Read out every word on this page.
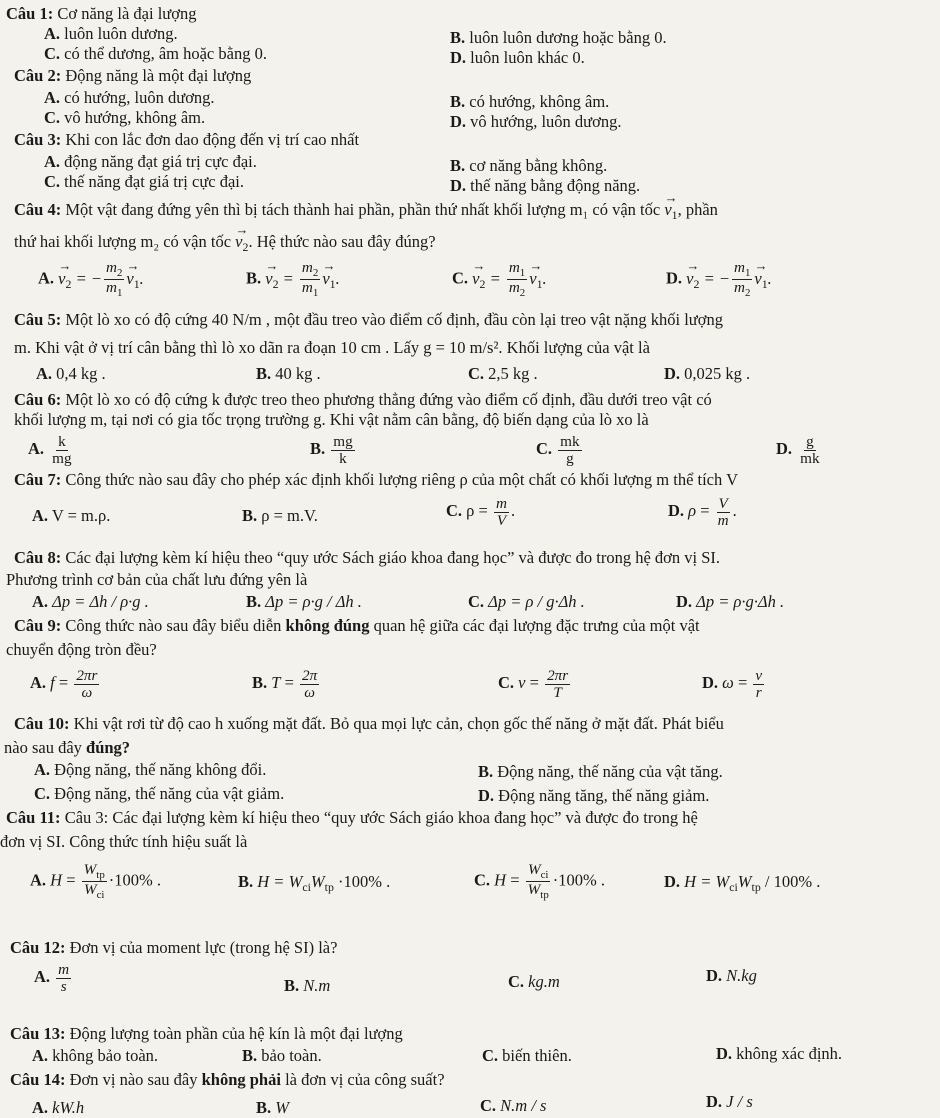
Câu 1: Cơ năng là đại lượng
A. luôn luôn dương.	B. luôn luôn dương hoặc bằng 0.
C. có thể dương, âm hoặc bằng 0.	D. luôn luôn khác 0.
Câu 2: Động năng là một đại lượng
A. có hướng, luôn dương.	B. có hướng, không âm.
C. vô hướng, không âm.	D. vô hướng, luôn dương.
Câu 3: Khi con lắc đơn dao động đến vị trí cao nhất
A. động năng đạt giá trị cực đại.	B. cơ năng bằng không.
C. thế năng đạt giá trị cực đại.	D. thế năng bằng động năng.
Câu 4: Một vật đang đứng yên thì bị tách thành hai phần, phần thứ nhất khối lượng m₁ có vận tốc → $v_1$, phần
thứ hai khối lượng m₂ có vận tốc → $v_2$. Hệ thức nào sau đây đúng?
A. → $v_2$ = − $\frac{m_2}{m_1}$
→ $v_1$.	B. → $v_2 = \frac{m_2}{m_1}$
→ $v_1$.	C. → $v_2 = \frac{m_1}{m_2}$
→ $v_1$.	D. → $v_2$ = − $\frac{m_1}{m_2}$
→ $v_1$.
Câu 5: Một lò xo có độ cứng 40 N/m , một đầu treo vào điểm cố định, đầu còn lại treo vật nặng khối lượng
m. Khi vật ở vị trí cân bằng thì lò xo dãn ra đoạn 10 cm . Lấy g = 10 m/s². Khối lượng của vật là
A. 0,4 kg .	B. 40 kg .	C. 2,5 kg .	D. 0,025 kg .
Câu 6: Một lò xo có độ cứng k được treo theo phương thẳng đứng vào điểm cố định, đầu dưới treo vật có
khối lượng m, tại nơi có gia tốc trọng trường g. Khi vật nằm cân bằng, độ biến dạng của lò xo là
A. $\frac{k}{mg}$	B. $\frac{mg}{k}$	C. $\frac{mk}{g}$	D. $\frac{g}{mk}$
Câu 7: Công thức nào sau đây cho phép xác định khối lượng riêng ρ của một chất có khối lượng m thể tích V
A. V = m.ρ.	B. ρ = m.V.	C. $\rho = \frac{m}{V}$ .	D. $\rho = \frac{V}{m}$ .
Câu 8: Các đại lượng kèm kí hiệu theo “quy ước Sách giáo khoa đang học” và được đo trong hệ đơn vị SI.
Phương trình cơ bản của chất lưu đứng yên là
A. Δp = Δh / ρ·g .	B. Δp = ρ·g / Δh .	C. Δp = ρ / g·Δh .	D. Δp = ρ·g·Δh .
Câu 9: Công thức nào sau đây biểu diễn không đúng quan hệ giữa các đại lượng đặc trưng của một vật
chuyển động tròn đều?
A. $f = \frac{2\pi r}{\omega}$	B. $T = \frac{2\pi}{\omega}$	C. $v = \frac{2\pi r}{T}$	D. $\omega = \frac{v}{r}$
Câu 10: Khi vật rơi từ độ cao h xuống mặt đất. Bỏ qua mọi lực cản, chọn gốc thế năng ở mặt đất. Phát biểu
nào sau đây đúng?
A. Động năng, thế năng không đổi.	B. Động năng, thế năng của vật tăng.
C. Động năng, thế năng của vật giảm.	D. Động năng tăng, thế năng giảm.
Câu 11: Câu 3: Các đại lượng kèm kí hiệu theo “quy ước Sách giáo khoa đang học” và được đo trong hệ
đơn vị SI. Công thức tính hiệu suất là
A. $H = \frac{W_{tp}}{W_{ci}} \cdot 100\%$ .	B. $H = W_{ci}W_{tp} \cdot 100\%$ .	C. $H = \frac{W_{ci}}{W_{tp}} \cdot 100\%$ .	D. $H = W_{ci}W_{tp} / 100\%$ .
Câu 12: Đơn vị của moment lực (trong hệ SI) là?
A. $\frac{m}{s}$	B. N.m	C. kg.m	D. N.kg
Câu 13: Động lượng toàn phần của hệ kín là một đại lượng
A. không bảo toàn.	B. bảo toàn.	C. biến thiên.	D. không xác định.
Câu 14: Đơn vị nào sau đây không phải là đơn vị của công suất?
A. kW.h	B. W	C. N.m / s	D. J / s
